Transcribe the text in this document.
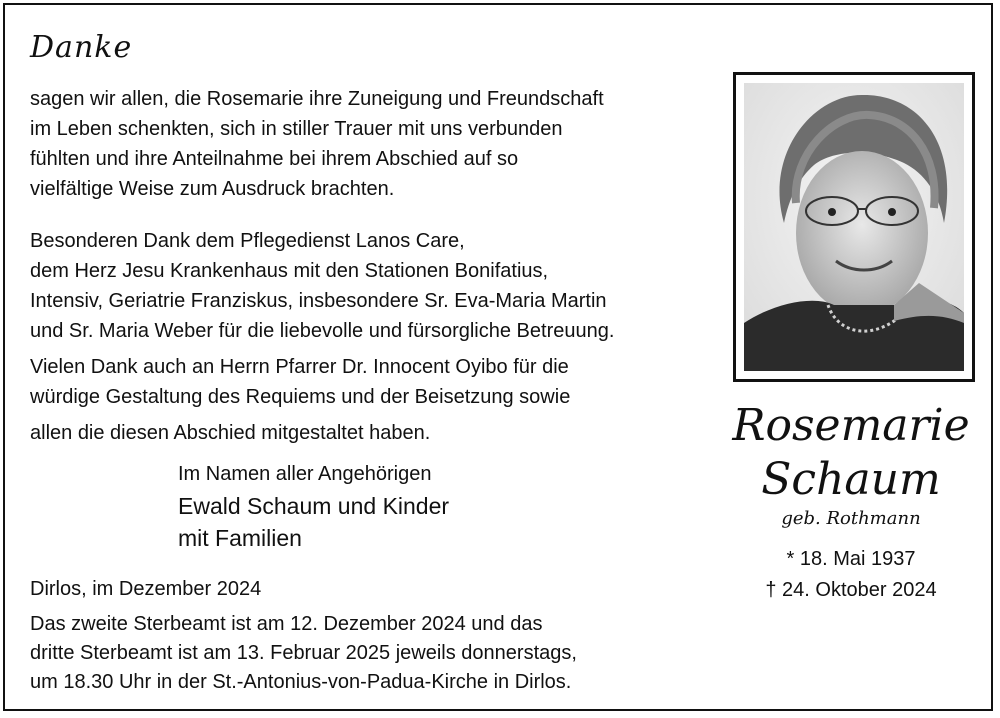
Danke

sagen wir allen, die Rosemarie ihre Zuneigung und Freundschaft
im Leben schenkten, sich in stiller Trauer mit uns verbunden
fühlten und ihre Anteilnahme bei ihrem Abschied auf so
vielfältige Weise zum Ausdruck brachten.

Besonderen Dank dem Pflegedienst Lanos Care,
dem Herz Jesu Krankenhaus mit den Stationen Bonifatius,
Intensiv, Geriatrie Franziskus, insbesondere Sr. Eva-Maria Martin
und Sr. Maria Weber für die liebevolle und fürsorgliche Betreuung.

Vielen Dank auch an Herrn Pfarrer Dr. Innocent Oyibo für die
würdige Gestaltung des Requiems und der Beisetzung sowie
allen die diesen Abschied mitgestaltet haben.

Im Namen aller Angehörigen
Ewald Schaum und Kinder
mit Familien

Dirlos, im Dezember 2024

Das zweite Sterbeamt ist am 12. Dezember 2024 und das
dritte Sterbeamt ist am 13. Februar 2025 jeweils donnerstags,
um 18.30 Uhr in der St.-Antonius-von-Padua-Kirche in Dirlos.

Rosemarie

Schaum

geb. Rothmann

* 18. Mai 1937
† 24. Oktober 2024
